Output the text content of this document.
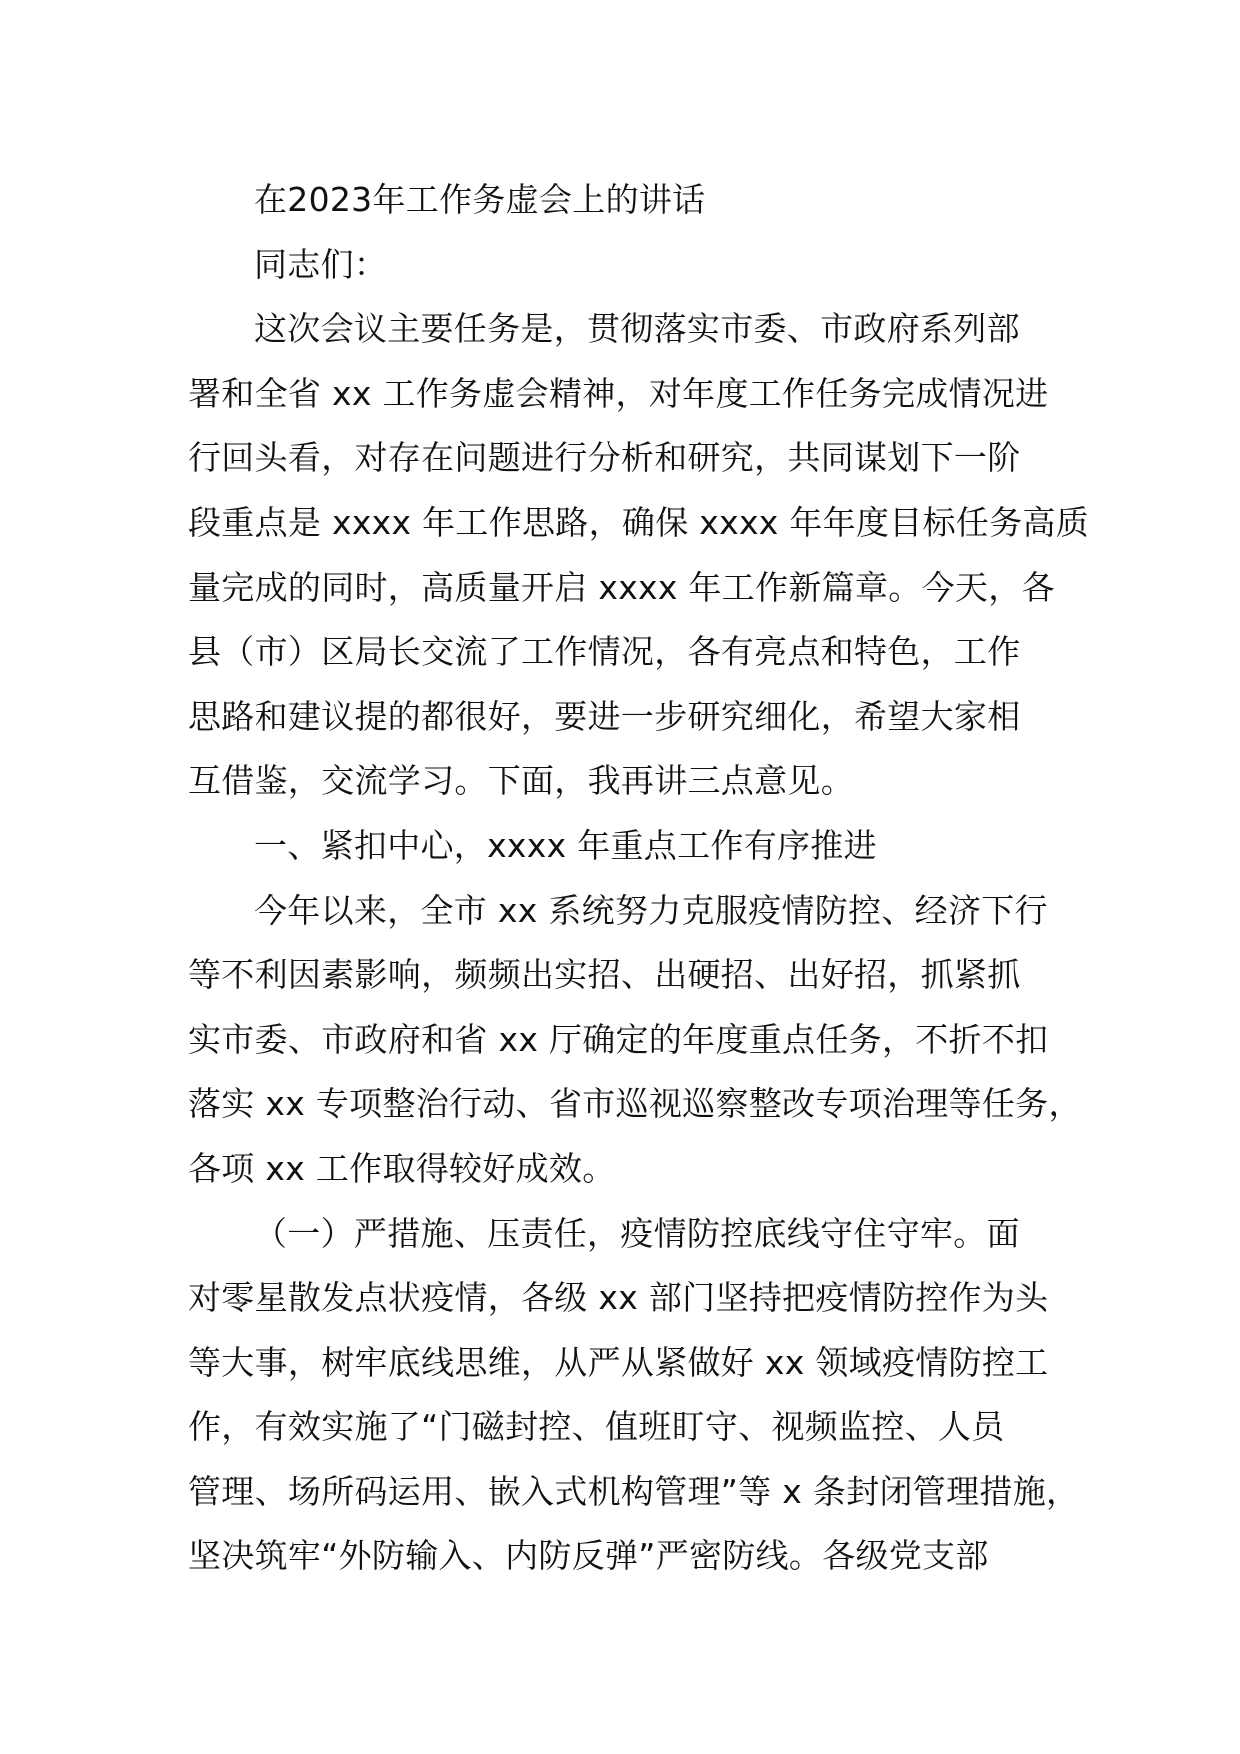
在2023年工作务虚会上的讲话
同志们：
这次会议主要任务是，贯彻落实市委、市政府系列部
署和全省 xx 工作务虚会精神，对年度工作任务完成情况进
行回头看，对存在问题进行分析和研究，共同谋划下一阶
段重点是 xxxx 年工作思路，确保 xxxx 年年度目标任务高质
量完成的同时，高质量开启 xxxx 年工作新篇章。今天，各
县（市）区局长交流了工作情况，各有亮点和特色，工作
思路和建议提的都很好，要进一步研究细化，希望大家相
互借鉴，交流学习。下面，我再讲三点意见。
一、紧扣中心，xxxx 年重点工作有序推进
今年以来，全市 xx 系统努力克服疫情防控、经济下行
等不利因素影响，频频出实招、出硬招、出好招，抓紧抓
实市委、市政府和省 xx 厅确定的年度重点任务，不折不扣
落实 xx 专项整治行动、省市巡视巡察整改专项治理等任务，
各项 xx 工作取得较好成效。
（一）严措施、压责任，疫情防控底线守住守牢。面
对零星散发点状疫情，各级 xx 部门坚持把疫情防控作为头
等大事，树牢底线思维，从严从紧做好 xx 领域疫情防控工
作，有效实施了“门磁封控、值班盯守、视频监控、人员
管理、场所码运用、嵌入式机构管理”等 x 条封闭管理措施，
坚决筑牢“外防输入、内防反弹”严密防线。各级党支部
